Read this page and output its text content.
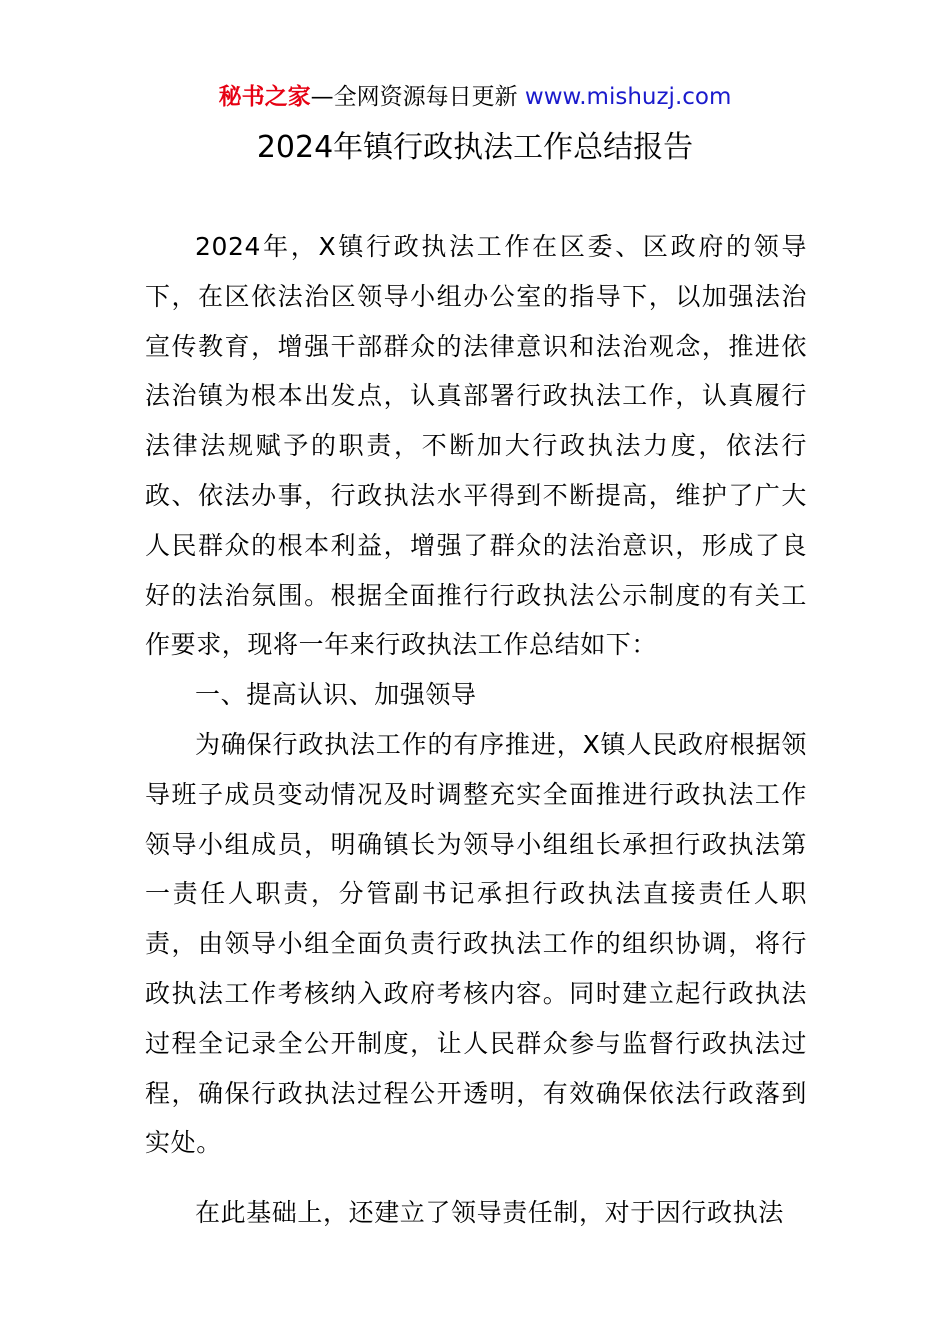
秘书之家—全网资源每日更新 www.mishuzj.com
2024年镇行政执法工作总结报告

2024年，X镇行政执法工作在区委、区政府的领导下，在区依法治区领导小组办公室的指导下，以加强法治宣传教育，增强干部群众的法律意识和法治观念，推进依法治镇为根本出发点，认真部署行政执法工作，认真履行法律法规赋予的职责，不断加大行政执法力度，依法行政、依法办事，行政执法水平得到不断提高，维护了广大人民群众的根本利益，增强了群众的法治意识，形成了良好的法治氛围。根据全面推行行政执法公示制度的有关工作要求，现将一年来行政执法工作总结如下：

一、提高认识、加强领导

为确保行政执法工作的有序推进，X镇人民政府根据领导班子成员变动情况及时调整充实全面推进行政执法工作领导小组成员，明确镇长为领导小组组长承担行政执法第一责任人职责，分管副书记承担行政执法直接责任人职责，由领导小组全面负责行政执法工作的组织协调，将行政执法工作考核纳入政府考核内容。同时建立起行政执法过程全记录全公开制度，让人民群众参与监督行政执法过程，确保行政执法过程公开透明，有效确保依法行政落到实处。

在此基础上，还建立了领导责任制，对于因行政执法
